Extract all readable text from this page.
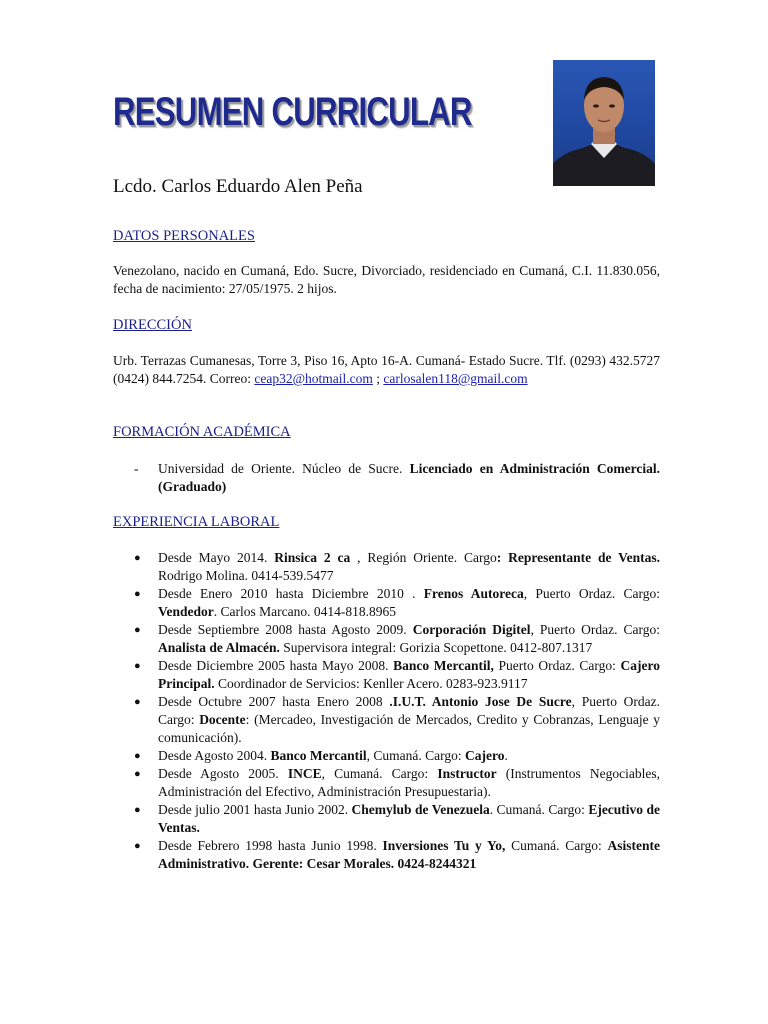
RESUMEN CURRICULAR
Lcdo. Carlos Eduardo Alen Peña
DATOS PERSONALES
Venezolano, nacido en Cumaná, Edo. Sucre, Divorciado, residenciado en Cumaná, C.I. 11.830.056, fecha de nacimiento: 27/05/1975. 2 hijos.
DIRECCIÓN
Urb. Terrazas Cumanesas, Torre 3, Piso 16, Apto 16-A. Cumaná- Estado Sucre. Tlf. (0293) 432.5727 (0424) 844.7254. Correo: ceap32@hotmail.com ; carlosalen118@gmail.com
FORMACIÓN ACADÉMICA
- Universidad de Oriente. Núcleo de Sucre. Licenciado en Administración Comercial. (Graduado)
EXPERIENCIA LABORAL
● Desde Mayo 2014. Rinsica 2 ca , Región Oriente. Cargo: Representante de Ventas. Rodrigo Molina. 0414-539.5477
● Desde Enero 2010 hasta Diciembre 2010 . Frenos Autoreca, Puerto Ordaz. Cargo: Vendedor. Carlos Marcano. 0414-818.8965
● Desde Septiembre 2008 hasta Agosto 2009. Corporación Digitel, Puerto Ordaz. Cargo: Analista de Almacén. Supervisora integral: Gorizia Scopettone. 0412-807.1317
● Desde Diciembre 2005 hasta Mayo 2008. Banco Mercantil, Puerto Ordaz. Cargo: Cajero Principal. Coordinador de Servicios: Kenller Acero. 0283-923.9117
● Desde Octubre 2007 hasta Enero 2008 .I.U.T. Antonio Jose De Sucre, Puerto Ordaz. Cargo: Docente: (Mercadeo, Investigación de Mercados, Credito y Cobranzas, Lenguaje y comunicación).
● Desde Agosto 2004. Banco Mercantil, Cumaná. Cargo: Cajero.
● Desde Agosto 2005. INCE, Cumaná. Cargo: Instructor (Instrumentos Negociables, Administración del Efectivo, Administración Presupuestaria).
● Desde julio 2001 hasta Junio 2002. Chemylub de Venezuela. Cumaná. Cargo: Ejecutivo de Ventas.
● Desde Febrero 1998 hasta Junio 1998. Inversiones Tu y Yo, Cumaná. Cargo: Asistente Administrativo. Gerente: Cesar Morales. 0424-8244321
